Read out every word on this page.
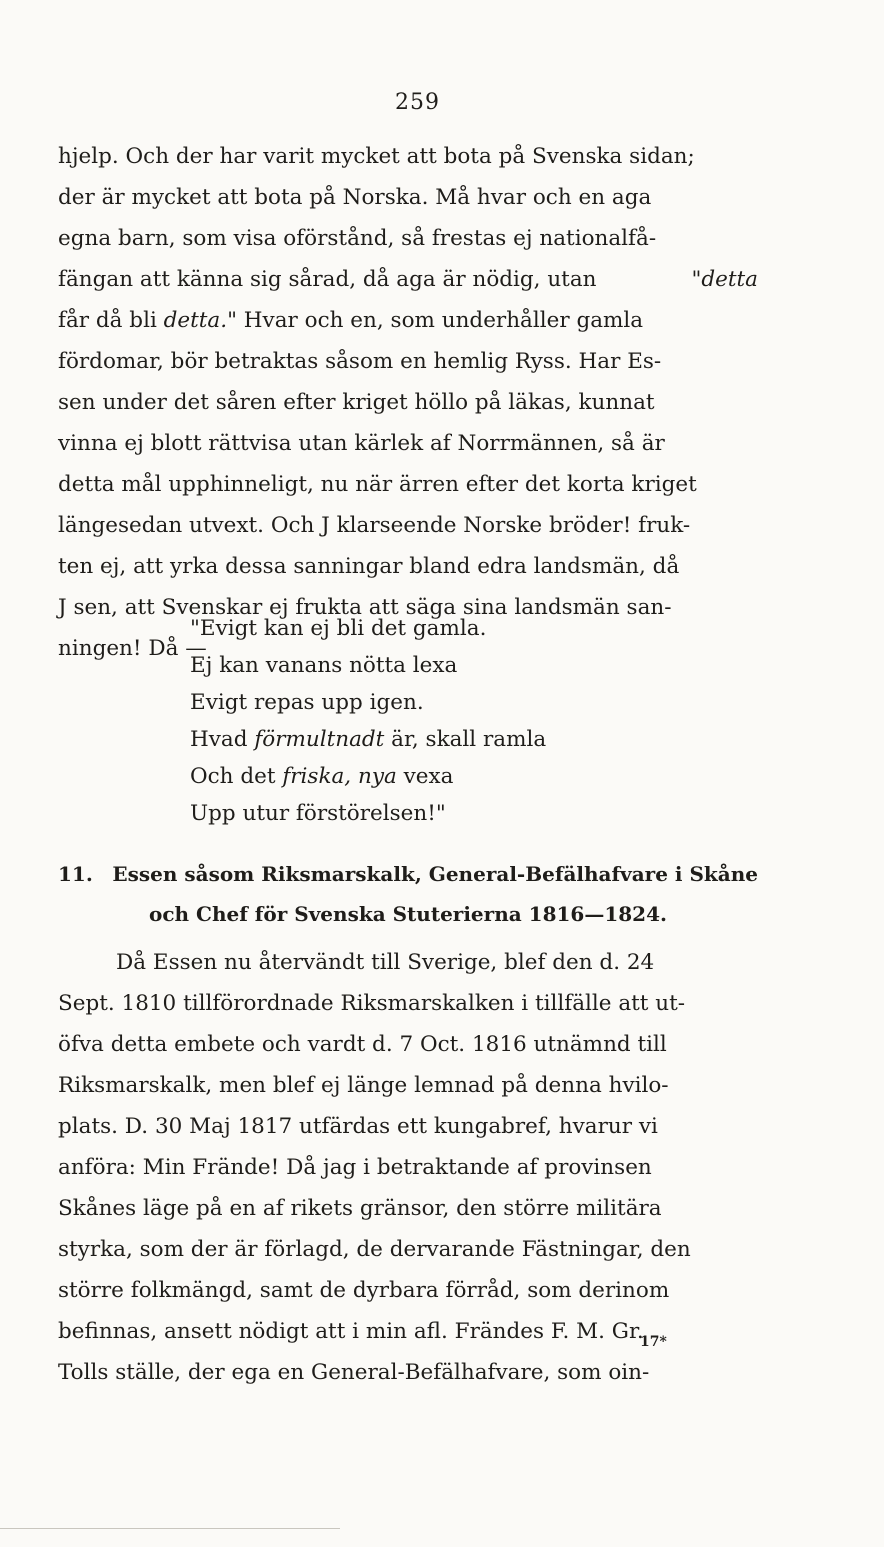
259
hjelp. Och der har varit mycket att bota på Svenska sidan;
der är mycket att bota på Norska. Må hvar och en aga
egna barn, som visa oförstånd, så frestas ej nationalfå-
fängan att känna sig sårad, då aga är nödig, utan	"detta
får då bli detta." Hvar och en, som underhåller gamla
fördomar, bör betraktas såsom en hemlig Ryss. Har Es-
sen under det såren efter kriget höllo på läkas, kunnat
vinna ej blott rättvisa utan kärlek af Norrmännen, så är
detta mål upphinneligt, nu när ärren efter det korta kriget
längesedan utvext. Och J klarseende Norske bröder! fruk-
ten ej, att yrka dessa sanningar bland edra landsmän, då
J sen, att Svenskar ej frukta att säga sina landsmän san-
ningen! Då —
"Evigt kan ej bli det gamla.
Ej kan vanans nötta lexa
Evigt repas upp igen.
Hvad förmultnadt är, skall ramla
Och det friska, nya vexa
Upp utur förstörelsen!"
11. Essen såsom Riksmarskalk, General-Befälhafvare i Skåne
och Chef för Svenska Stuterierna 1816—1824.
Då Essen nu återvändt till Sverige, blef den d. 24
Sept. 1810 tillförordnade Riksmarskalken i tillfälle att ut-
öfva detta embete och vardt d. 7 Oct. 1816 utnämnd till
Riksmarskalk, men blef ej länge lemnad på denna hvilo-
plats. D. 30 Maj 1817 utfärdas ett kungabref, hvarur vi
anföra: Min Frände! Då jag i betraktande af provinsen
Skånes läge på en af rikets gränsor, den större militära
styrka, som der är förlagd, de dervarande Fästningar, den
större folkmängd, samt de dyrbara förråd, som derinom
befinnas, ansett nödigt att i min afl. Frändes F. M. Gr.
Tolls ställe, der ega en General-Befälhafvare, som oin-
17*
